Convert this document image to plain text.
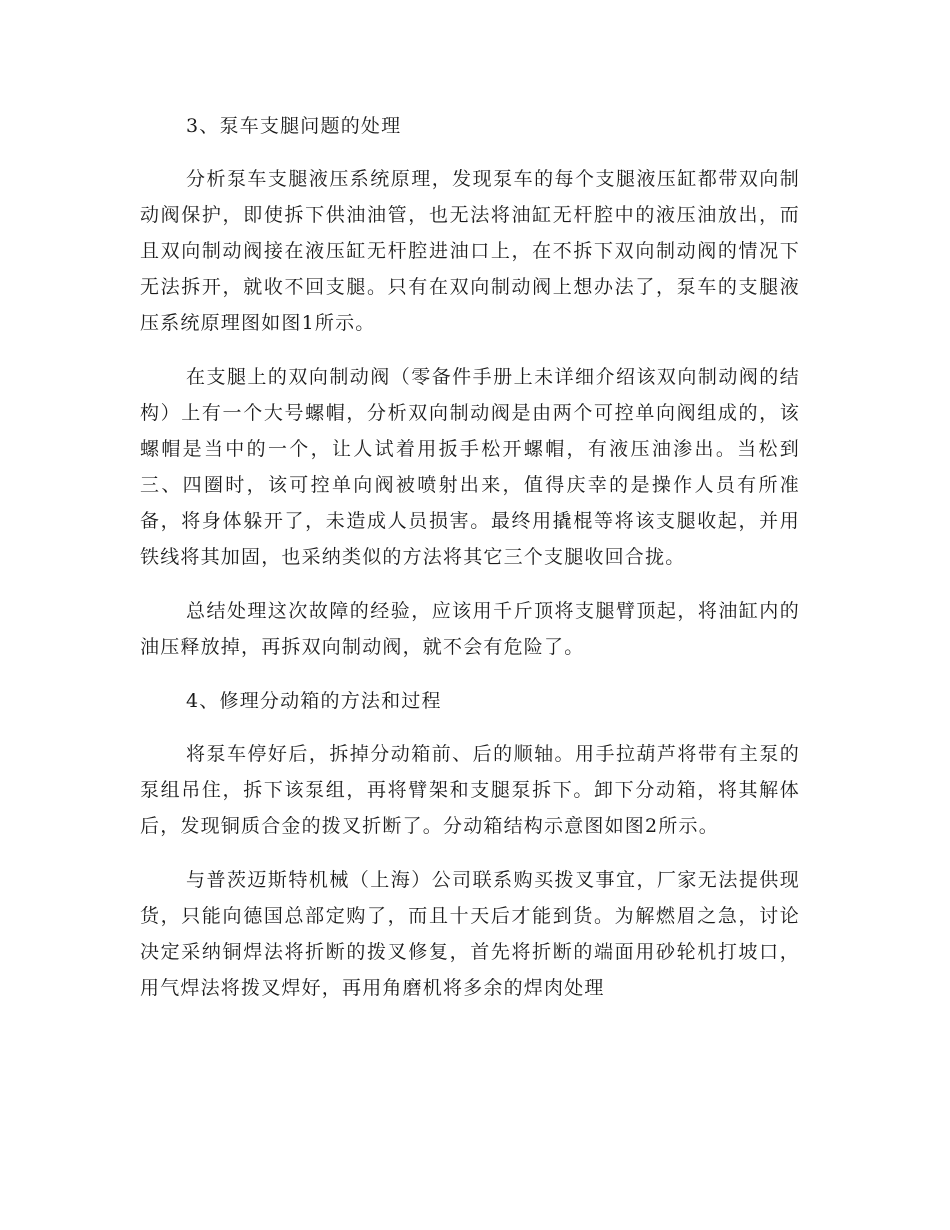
3、泵车支腿问题的处理

分析泵车支腿液压系统原理，发现泵车的每个支腿液压缸都带双向制动阀保护，即使拆下供油油管，也无法将油缸无杆腔中的液压油放出，而且双向制动阀接在液压缸无杆腔进油口上，在不拆下双向制动阀的情况下无法拆开，就收不回支腿。只有在双向制动阀上想办法了，泵车的支腿液压系统原理图如图1所示。

在支腿上的双向制动阀（零备件手册上未详细介绍该双向制动阀的结构）上有一个大号螺帽，分析双向制动阀是由两个可控单向阀组成的，该螺帽是当中的一个，让人试着用扳手松开螺帽，有液压油渗出。当松到三、四圈时，该可控单向阀被喷射出来，值得庆幸的是操作人员有所准备，将身体躲开了，未造成人员损害。最终用撬棍等将该支腿收起，并用铁线将其加固，也采纳类似的方法将其它三个支腿收回合拢。

总结处理这次故障的经验，应该用千斤顶将支腿臂顶起，将油缸内的油压释放掉，再拆双向制动阀，就不会有危险了。

4、修理分动箱的方法和过程

将泵车停好后，拆掉分动箱前、后的顺轴。用手拉葫芦将带有主泵的泵组吊住，拆下该泵组，再将臂架和支腿泵拆下。卸下分动箱，将其解体后，发现铜质合金的拨叉折断了。分动箱结构示意图如图2所示。

与普茨迈斯特机械（上海）公司联系购买拨叉事宜，厂家无法提供现货，只能向德国总部定购了，而且十天后才能到货。为解燃眉之急，讨论决定采纳铜焊法将折断的拨叉修复，首先将折断的端面用砂轮机打坡口，用气焊法将拨叉焊好，再用角磨机将多余的焊肉处理
